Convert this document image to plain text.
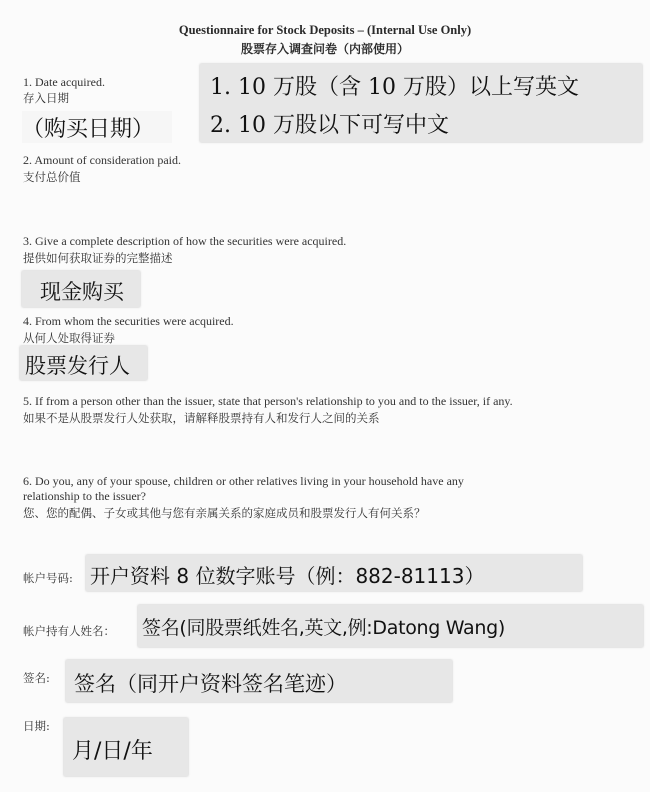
Questionnaire for Stock Deposits – (Internal Use Only)
股票存入调查问卷（内部使用）
1. 10 万股（含 10 万股）以上写英文
2. 10 万股以下可写中文
1. Date acquired.
存入日期
（购买日期）
2. Amount of consideration paid.
支付总价值
3. Give a complete description of how the securities were acquired.
提供如何获取证券的完整描述
现金购买
4. From whom the securities were acquired.
从何人处取得证券
股票发行人
5. If from a person other than the issuer, state that person's relationship to you and to the issuer, if any.
如果不是从股票发行人处获取，请解释股票持有人和发行人之间的关系
6. Do you, any of your spouse, children or other relatives living in your household have any
relationship to the issuer?
您、您的配偶、子女或其他与您有亲属关系的家庭成员和股票发行人有何关系？
帐户号码: 开户资料 8 位数字账号（例：882-81113）
帐户持有人姓名： 签名(同股票纸姓名,英文,例:Datong Wang)
签名: 签名（同开户资料签名笔迹）
日期:
月/日/年
